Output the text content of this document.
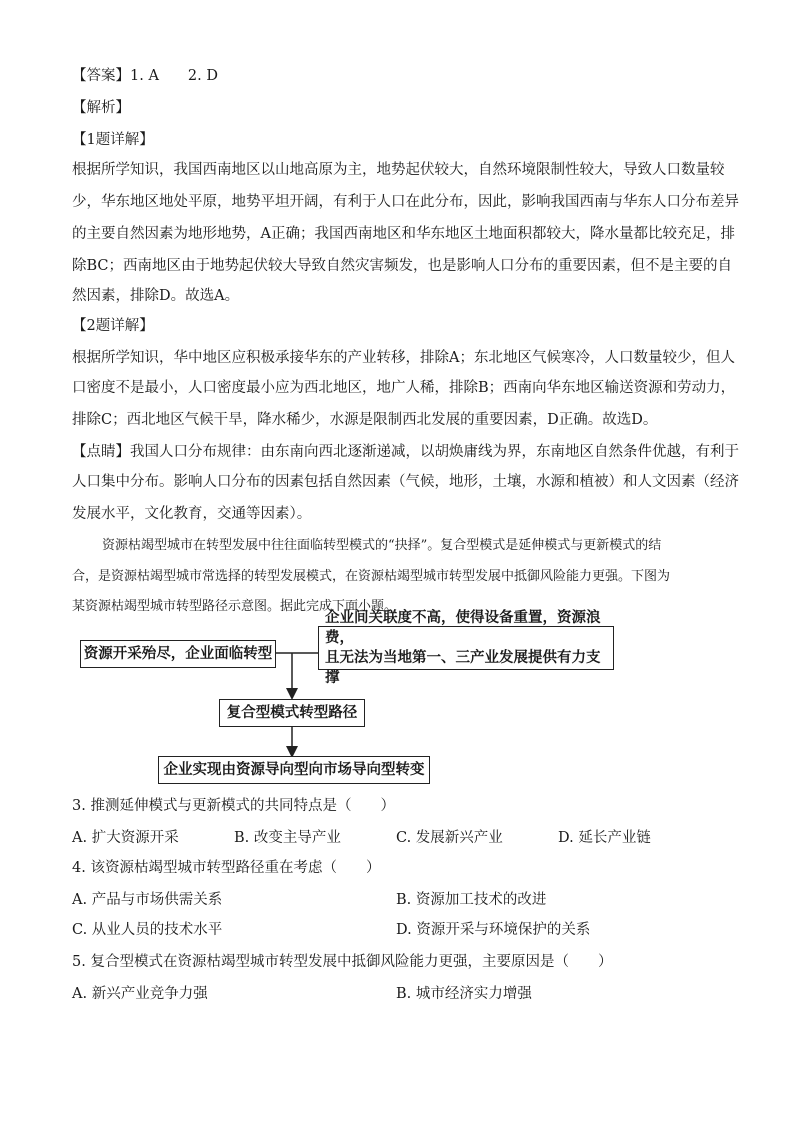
【答案】1. A　　2. D
【解析】
【1题详解】
根据所学知识，我国西南地区以山地高原为主，地势起伏较大，自然环境限制性较大，导致人口数量较
少，华东地区地处平原，地势平坦开阔，有利于人口在此分布，因此，影响我国西南与华东人口分布差异
的主要自然因素为地形地势，A正确；我国西南地区和华东地区土地面积都较大，降水量都比较充足，排
除BC；西南地区由于地势起伏较大导致自然灾害频发，也是影响人口分布的重要因素，但不是主要的自
然因素，排除D。故选A。
【2题详解】
根据所学知识，华中地区应积极承接华东的产业转移，排除A；东北地区气候寒冷，人口数量较少，但人
口密度不是最小，人口密度最小应为西北地区，地广人稀，排除B；西南向华东地区输送资源和劳动力，
排除C；西北地区气候干旱，降水稀少，水源是限制西北发展的重要因素，D正确。故选D。
【点睛】我国人口分布规律：由东南向西北逐渐递减，以胡焕庸线为界，东南地区自然条件优越，有利于
人口集中分布。影响人口分布的因素包括自然因素（气候，地形，土壤，水源和植被）和人文因素（经济
发展水平，文化教育，交通等因素）。
资源枯竭型城市在转型发展中往往面临转型模式的“抉择”。复合型模式是延伸模式与更新模式的结
合，是资源枯竭型城市常选择的转型发展模式，在资源枯竭型城市转型发展中抵御风险能力更强。下图为
某资源枯竭型城市转型路径示意图。据此完成下面小题。
资源开采殆尽，企业面临转型
企业间关联度不高，使得设备重置，资源浪费，
且无法为当地第一、三产业发展提供有力支撑
复合型模式转型路径
企业实现由资源导向型向市场导向型转变
3. 推测延伸模式与更新模式的共同特点是（　　）
A. 扩大资源开采	B. 改变主导产业	C. 发展新兴产业	D. 延长产业链
4. 该资源枯竭型城市转型路径重在考虑（　　）
A. 产品与市场供需关系	B. 资源加工技术的改进
C. 从业人员的技术水平	D. 资源开采与环境保护的关系
5. 复合型模式在资源枯竭型城市转型发展中抵御风险能力更强，主要原因是（　　）
A. 新兴产业竞争力强	B. 城市经济实力增强
